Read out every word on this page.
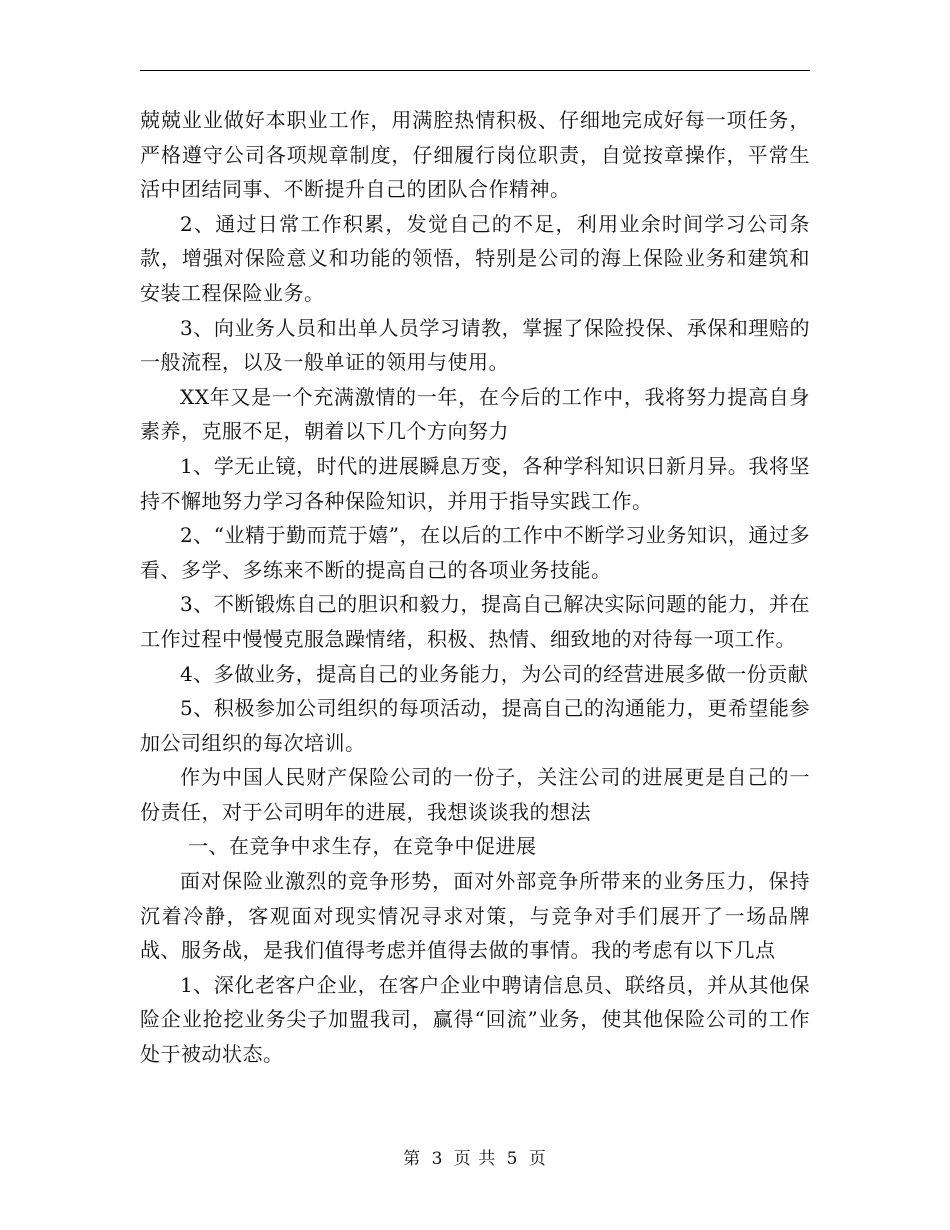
兢兢业业做好本职业工作，用满腔热情积极、仔细地完成好每一项任务，严格遵守公司各项规章制度，仔细履行岗位职责，自觉按章操作，平常生活中团结同事、不断提升自己的团队合作精神。

2、通过日常工作积累，发觉自己的不足，利用业余时间学习公司条款，增强对保险意义和功能的领悟，特别是公司的海上保险业务和建筑和安装工程保险业务。

3、向业务人员和出单人员学习请教，掌握了保险投保、承保和理赔的一般流程，以及一般单证的领用与使用。

XX年又是一个充满激情的一年，在今后的工作中，我将努力提高自身素养，克服不足，朝着以下几个方向努力

1、学无止镜，时代的进展瞬息万变，各种学科知识日新月异。我将坚持不懈地努力学习各种保险知识，并用于指导实践工作。

2、“业精于勤而荒于嬉”，在以后的工作中不断学习业务知识，通过多看、多学、多练来不断的提高自己的各项业务技能。

3、不断锻炼自己的胆识和毅力，提高自己解决实际问题的能力，并在工作过程中慢慢克服急躁情绪，积极、热情、细致地的对待每一项工作。

4、多做业务，提高自己的业务能力，为公司的经营进展多做一份贡献

5、积极参加公司组织的每项活动，提高自己的沟通能力，更希望能参加公司组织的每次培训。

作为中国人民财产保险公司的一份子，关注公司的进展更是自己的一份责任，对于公司明年的进展，我想谈谈我的想法

一、在竞争中求生存，在竞争中促进展

面对保险业激烈的竞争形势，面对外部竞争所带来的业务压力，保持沉着冷静，客观面对现实情况寻求对策，与竞争对手们展开了一场品牌战、服务战，是我们值得考虑并值得去做的事情。我的考虑有以下几点

1、深化老客户企业，在客户企业中聘请信息员、联络员，并从其他保险企业抢挖业务尖子加盟我司，赢得“回流”业务，使其他保险公司的工作处于被动状态。

第 3 页 共 5 页
